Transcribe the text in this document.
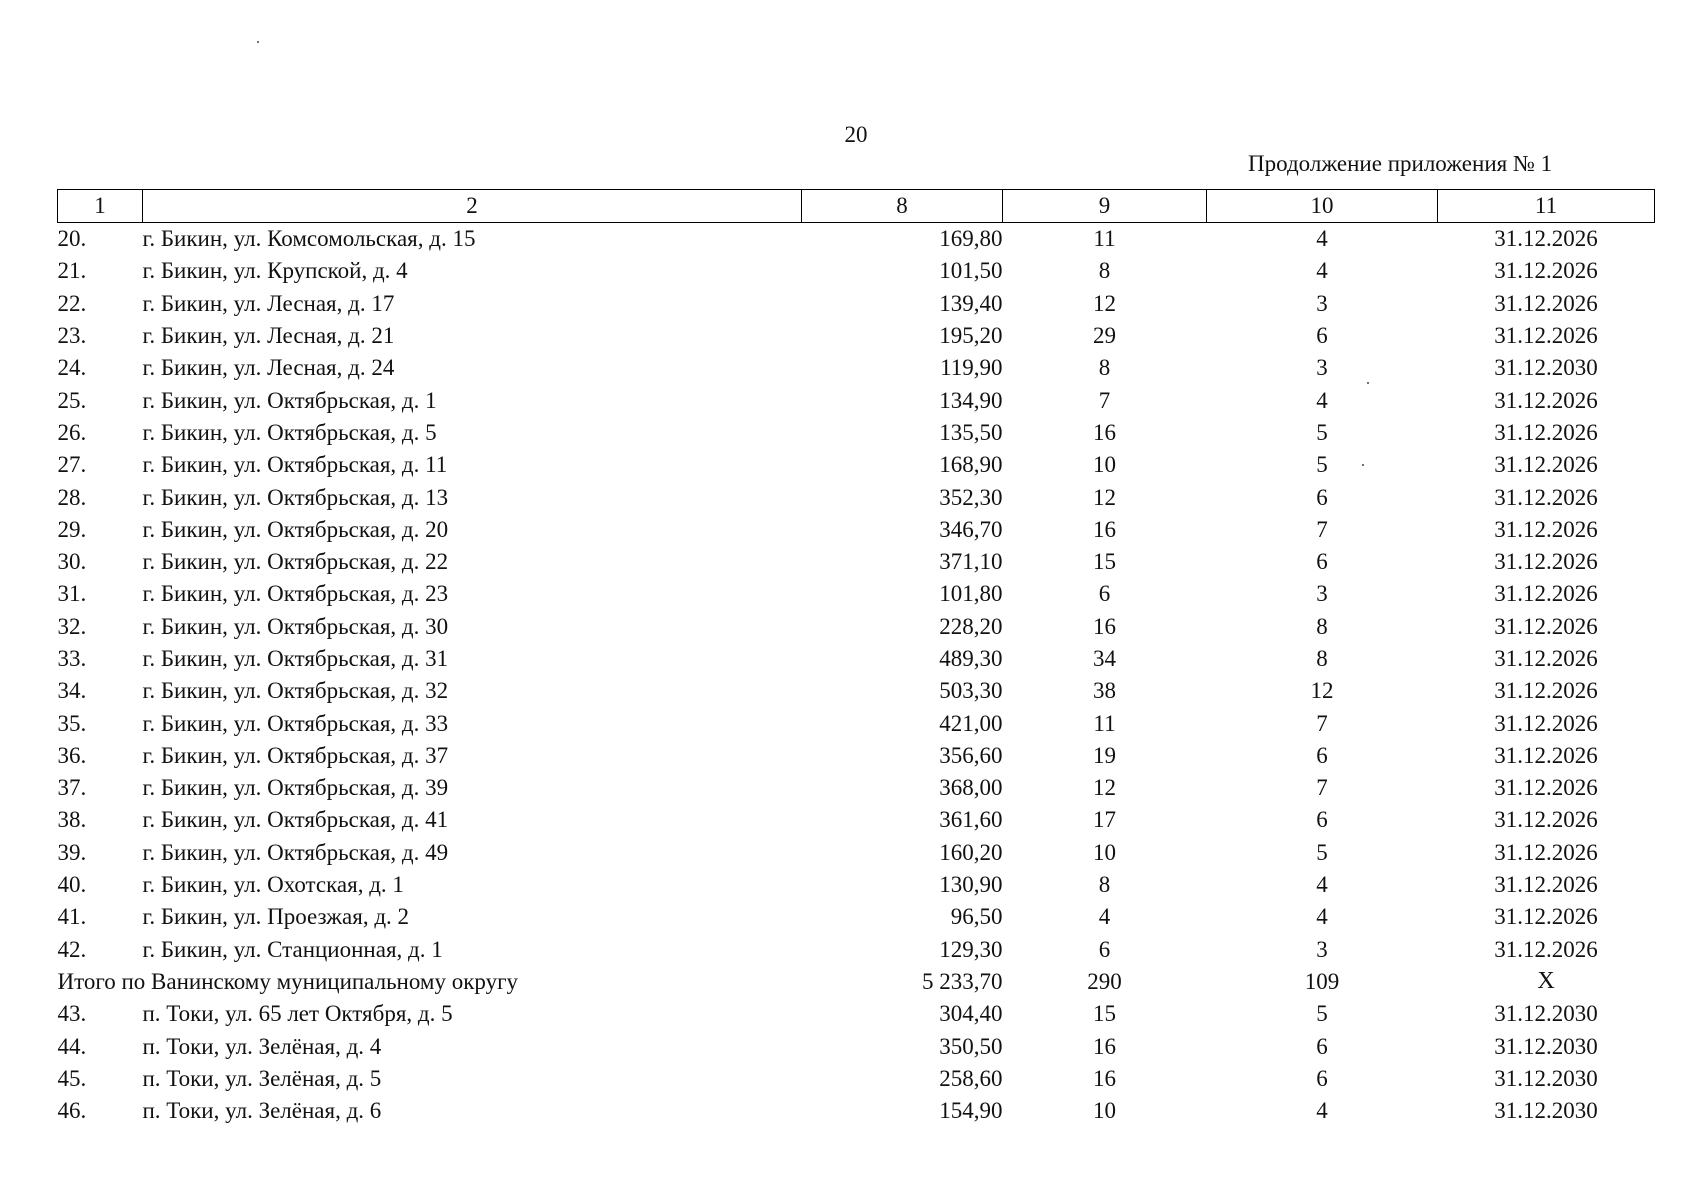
20
Продолжение приложения № 1
1	2	8	9	10	11
20.	г. Бикин, ул. Комсомольская, д. 15	169,80	11	4	31.12.2026
21.	г. Бикин, ул. Крупской, д. 4	101,50	8	4	31.12.2026
22.	г. Бикин, ул. Лесная, д. 17	139,40	12	3	31.12.2026
23.	г. Бикин, ул. Лесная, д. 21	195,20	29	6	31.12.2026
24.	г. Бикин, ул. Лесная, д. 24	119,90	8	3	31.12.2030
25.	г. Бикин, ул. Октябрьская, д. 1	134,90	7	4	31.12.2026
26.	г. Бикин, ул. Октябрьская, д. 5	135,50	16	5	31.12.2026
27.	г. Бикин, ул. Октябрьская, д. 11	168,90	10	5	31.12.2026
28.	г. Бикин, ул. Октябрьская, д. 13	352,30	12	6	31.12.2026
29.	г. Бикин, ул. Октябрьская, д. 20	346,70	16	7	31.12.2026
30.	г. Бикин, ул. Октябрьская, д. 22	371,10	15	6	31.12.2026
31.	г. Бикин, ул. Октябрьская, д. 23	101,80	6	3	31.12.2026
32.	г. Бикин, ул. Октябрьская, д. 30	228,20	16	8	31.12.2026
33.	г. Бикин, ул. Октябрьская, д. 31	489,30	34	8	31.12.2026
34.	г. Бикин, ул. Октябрьская, д. 32	503,30	38	12	31.12.2026
35.	г. Бикин, ул. Октябрьская, д. 33	421,00	11	7	31.12.2026
36.	г. Бикин, ул. Октябрьская, д. 37	356,60	19	6	31.12.2026
37.	г. Бикин, ул. Октябрьская, д. 39	368,00	12	7	31.12.2026
38.	г. Бикин, ул. Октябрьская, д. 41	361,60	17	6	31.12.2026
39.	г. Бикин, ул. Октябрьская, д. 49	160,20	10	5	31.12.2026
40.	г. Бикин, ул. Охотская, д. 1	130,90	8	4	31.12.2026
41.	г. Бикин, ул. Проезжая, д. 2	96,50	4	4	31.12.2026
42.	г. Бикин, ул. Станционная, д. 1	129,30	6	3	31.12.2026
Итого по Ванинскому муниципальному округу		5 233,70	290	109	Х
43.	п. Токи, ул. 65 лет Октября, д. 5	304,40	15	5	31.12.2030
44.	п. Токи, ул. Зелёная, д. 4	350,50	16	6	31.12.2030
45.	п. Токи, ул. Зелёная, д. 5	258,60	16	6	31.12.2030
46.	п. Токи, ул. Зелёная, д. 6	154,90	10	4	31.12.2030
